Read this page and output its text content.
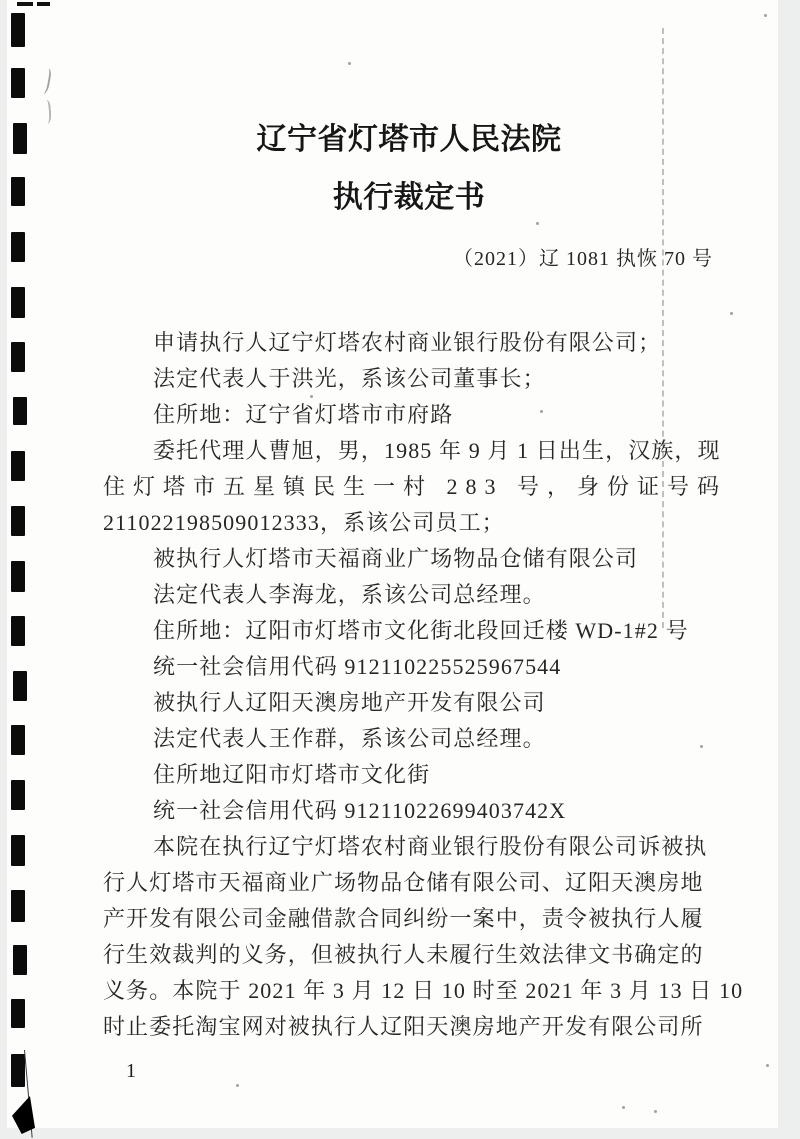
辽宁省灯塔市人民法院
执行裁定书
（2021）辽 1081 执恢 70 号
申请执行人辽宁灯塔农村商业银行股份有限公司；
法定代表人于洪光，系该公司董事长；
住所地：辽宁省灯塔市市府路
委托代理人曹旭，男，1985 年 9 月 1 日出生，汉族，现
住灯塔市五星镇民生一村 283 号，身份证号码
211022198509012333，系该公司员工；
被执行人灯塔市天福商业广场物品仓储有限公司
法定代表人李海龙，系该公司总经理。
住所地：辽阳市灯塔市文化街北段回迁楼 WD-1#2 号
统一社会信用代码 912110225525967544
被执行人辽阳天澳房地产开发有限公司
法定代表人王作群，系该公司总经理。
住所地辽阳市灯塔市文化街
统一社会信用代码 91211022699403742X
本院在执行辽宁灯塔农村商业银行股份有限公司诉被执
行人灯塔市天福商业广场物品仓储有限公司、辽阳天澳房地
产开发有限公司金融借款合同纠纷一案中，责令被执行人履
行生效裁判的义务，但被执行人未履行生效法律文书确定的
义务。本院于 2021 年 3 月 12 日 10 时至 2021 年 3 月 13 日 10
时止委托淘宝网对被执行人辽阳天澳房地产开发有限公司所
1
